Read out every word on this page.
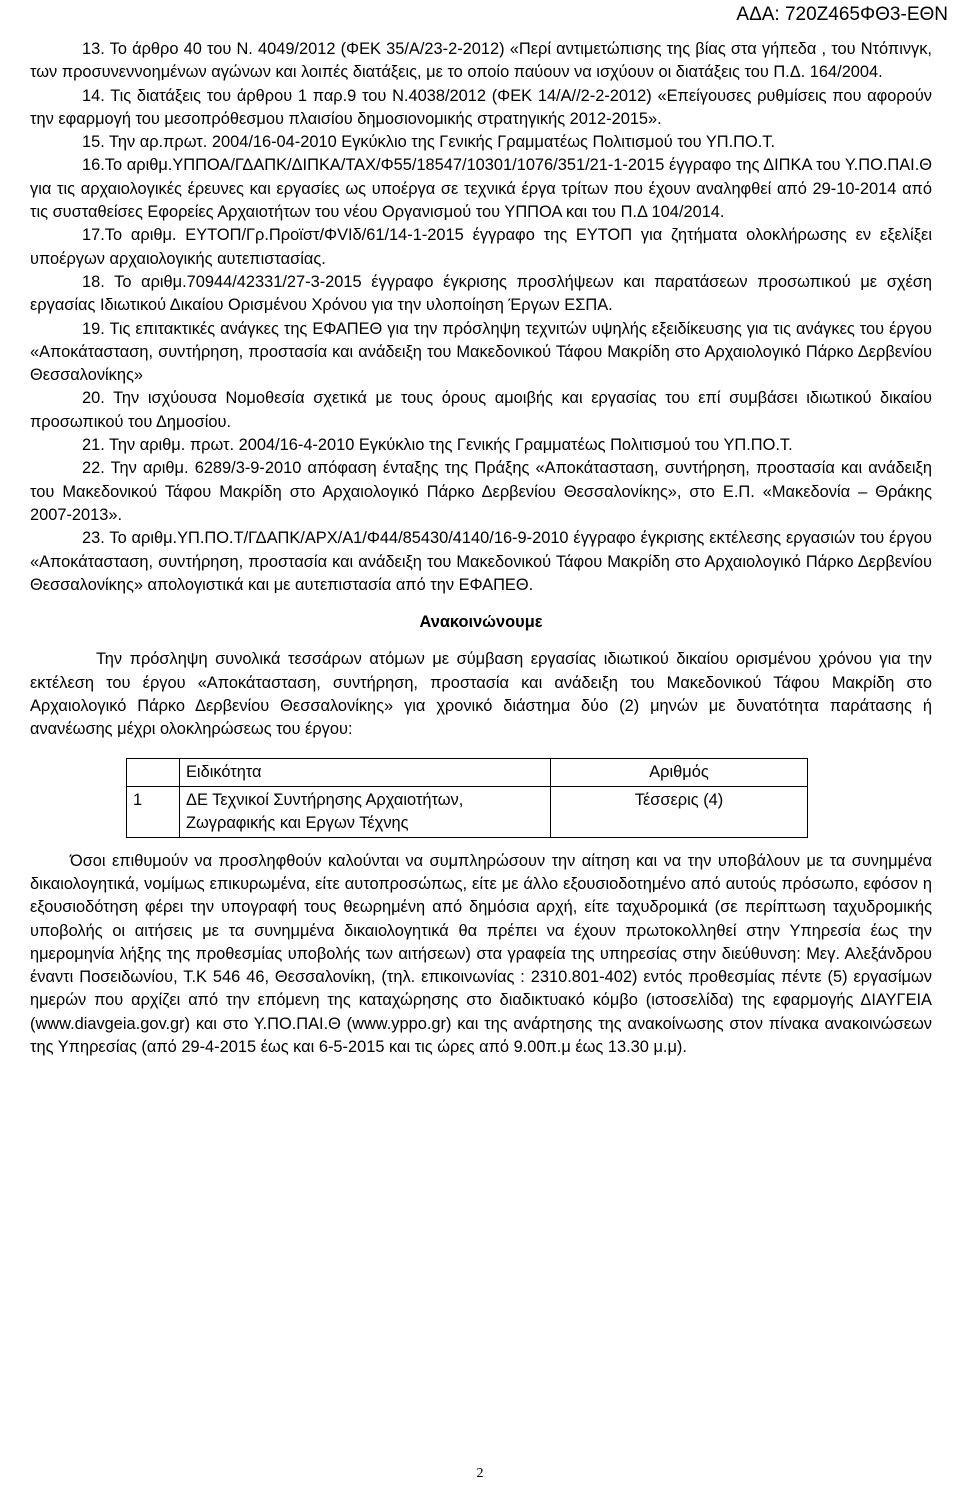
ΑΔΑ: 720Ζ465ΦΘ3-ΕΘΝ

13. Το άρθρο 40 του Ν. 4049/2012 (ΦΕΚ 35/Α/23-2-2012) «Περί αντιμετώπισης της βίας στα γήπεδα , του Ντόπινγκ, των προσυνεννοημένων αγώνων και λοιπές διατάξεις, με το οποίο παύουν να ισχύουν οι διατάξεις του Π.Δ. 164/2004.

14. Τις διατάξεις του άρθρου 1 παρ.9 του Ν.4038/2012 (ΦΕΚ 14/Α//2-2-2012) «Επείγουσες ρυθμίσεις που αφορούν την εφαρμογή του μεσοπρόθεσμου πλαισίου δημοσιονομικής στρατηγικής 2012-2015».

15. Την αρ.πρωτ. 2004/16-04-2010 Εγκύκλιο της Γενικής Γραμματέως Πολιτισμού του ΥΠ.ΠΟ.Τ.

16.Το αριθμ.ΥΠΠΟΑ/ΓΔΑΠΚ/ΔΙΠΚΑ/ΤΑΧ/Φ55/18547/10301/1076/351/21-1-2015 έγγραφο της ΔΙΠΚΑ του Υ.ΠΟ.ΠΑΙ.Θ για τις αρχαιολογικές έρευνες και εργασίες ως υποέργα σε τεχνικά έργα τρίτων που έχουν αναληφθεί από 29-10-2014 από τις συσταθείσες Εφορείες Αρχαιοτήτων του νέου Οργανισμού του ΥΠΠΟΑ και του Π.Δ 104/2014.

17.Το αριθμ. ΕΥΤΟΠ/Γρ.Προϊστ/ΦVIδ/61/14-1-2015 έγγραφο της ΕΥΤΟΠ για ζητήματα ολοκλήρωσης εν εξελίξει υποέργων αρχαιολογικής αυτεπιστασίας.

18. Το αριθμ.70944/42331/27-3-2015 έγγραφο έγκρισης προσλήψεων και παρατάσεων προσωπικού με σχέση εργασίας Ιδιωτικού Δικαίου Ορισμένου Χρόνου για την υλοποίηση Έργων ΕΣΠΑ.

19. Τις επιτακτικές ανάγκες της ΕΦΑΠΕΘ για την πρόσληψη τεχνιτών υψηλής εξειδίκευσης για τις ανάγκες του έργου «Αποκάτασταση, συντήρηση, προστασία και ανάδειξη του Μακεδονικού Τάφου Μακρίδη στο Αρχαιολογικό Πάρκο Δερβενίου Θεσσαλονίκης»

20. Την ισχύουσα Νομοθεσία σχετικά με τους όρους αμοιβής και εργασίας του επί συμβάσει ιδιωτικού δικαίου προσωπικού του Δημοσίου.

21. Την αριθμ. πρωτ. 2004/16-4-2010 Εγκύκλιο της Γενικής Γραμματέως Πολιτισμού του ΥΠ.ΠΟ.Τ.

22. Την αριθμ. 6289/3-9-2010 απόφαση ένταξης της Πράξης «Αποκάτασταση, συντήρηση, προστασία και ανάδειξη του Μακεδονικού Τάφου Μακρίδη στο Αρχαιολογικό Πάρκο Δερβενίου Θεσσαλονίκης», στο Ε.Π. «Μακεδονία – Θράκης 2007-2013».

23. Το αριθμ.ΥΠ.ΠΟ.Τ/ΓΔΑΠΚ/ΑΡΧ/Α1/Φ44/85430/4140/16-9-2010 έγγραφο έγκρισης εκτέλεσης εργασιών του έργου «Αποκάτασταση, συντήρηση, προστασία και ανάδειξη του Μακεδονικού Τάφου Μακρίδη στο Αρχαιολογικό Πάρκο Δερβενίου Θεσσαλονίκης» απολογιστικά και με αυτεπιστασία από την ΕΦΑΠΕΘ.

Ανακοινώνουμε

Την πρόσληψη συνολικά τεσσάρων ατόμων με σύμβαση εργασίας ιδιωτικού δικαίου ορισμένου χρόνου για την εκτέλεση του έργου «Αποκάτασταση, συντήρηση, προστασία και ανάδειξη του Μακεδονικού Τάφου Μακρίδη στο Αρχαιολογικό Πάρκο Δερβενίου Θεσσαλονίκης» για χρονικό διάστημα δύο (2) μηνών με δυνατότητα παράτασης ή ανανέωσης μέχρι ολοκληρώσεως του έργου:

	Ειδικότητα	Αριθμός
1	ΔΕ Τεχνικοί Συντήρησης Αρχαιοτήτων,
Ζωγραφικής και Εργων Τέχνης	Τέσσερις (4)

Όσοι επιθυμούν να προσληφθούν καλούνται να συμπληρώσουν την αίτηση και να την υποβάλουν με τα συνημμένα δικαιολογητικά, νομίμως επικυρωμένα, είτε αυτοπροσώπως, είτε με άλλο εξουσιοδοτημένο από αυτούς πρόσωπο, εφόσον η εξουσιοδότηση φέρει την υπογραφή τους θεωρημένη από δημόσια αρχή, είτε ταχυδρομικά (σε περίπτωση ταχυδρομικής υποβολής οι αιτήσεις με τα συνημμένα δικαιολογητικά θα πρέπει να έχουν πρωτοκολληθεί στην Υπηρεσία έως την ημερομηνία λήξης της προθεσμίας υποβολής των αιτήσεων) στα γραφεία της υπηρεσίας στην διεύθυνση: Μεγ. Αλεξάνδρου έναντι Ποσειδωνίου, Τ.Κ 546 46, Θεσσαλονίκη, (τηλ. επικοινωνίας : 2310.801-402) εντός προθεσμίας πέντε (5) εργασίμων ημερών που αρχίζει από την επόμενη της καταχώρησης στο διαδικτυακό κόμβο (ιστοσελίδα) της εφαρμογής ΔΙΑΥΓΕΙΑ (www.diavgeia.gov.gr) και στο Υ.ΠΟ.ΠΑΙ.Θ (www.yppo.gr) και της ανάρτησης της ανακοίνωσης στον πίνακα ανακοινώσεων της Υπηρεσίας (από 29-4-2015 έως και 6-5-2015 και τις ώρες από 9.00π.μ έως 13.30 μ.μ).

2
